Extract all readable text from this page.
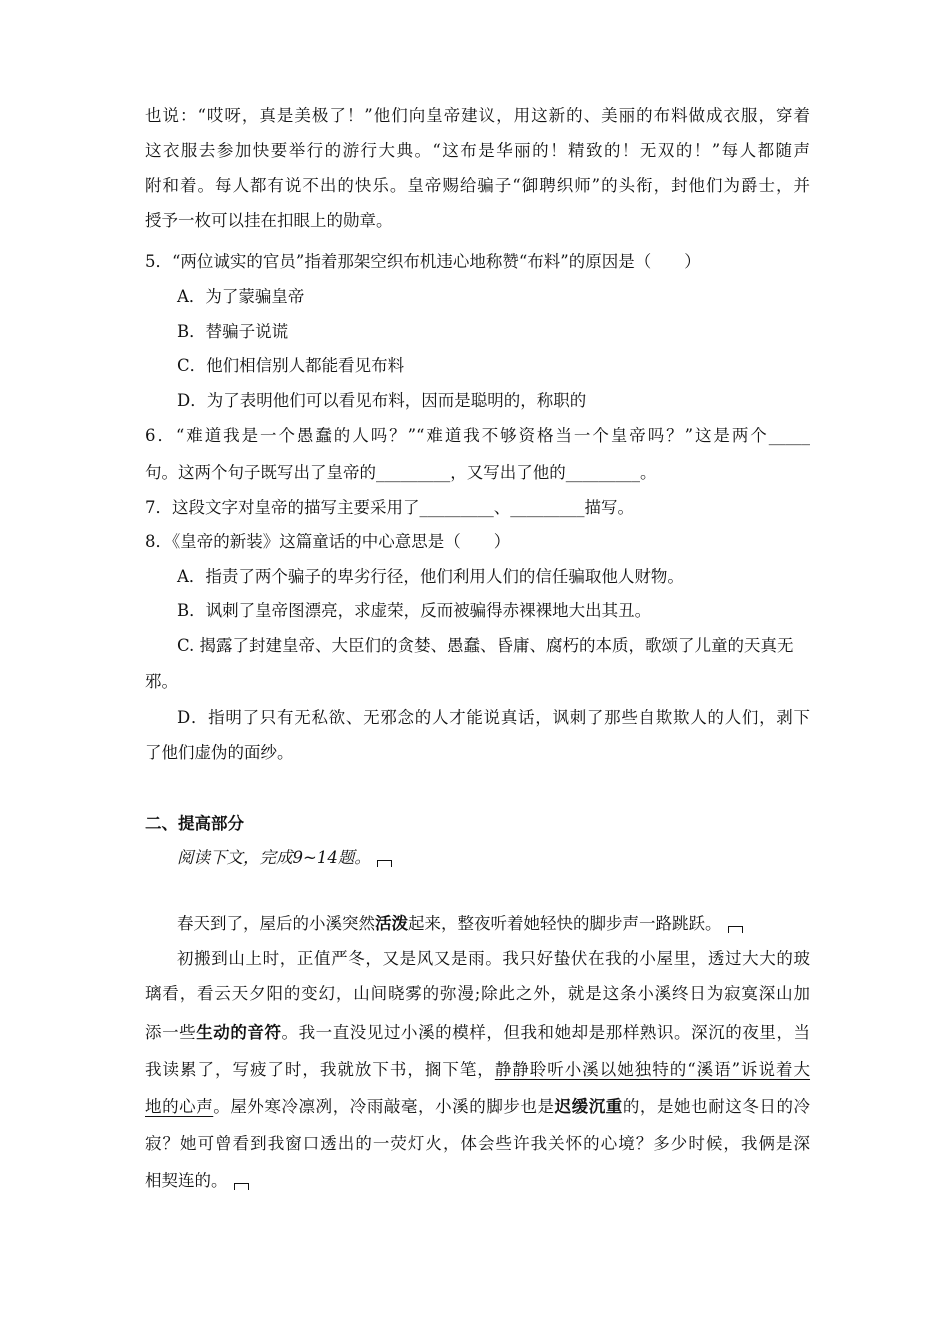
也说：“哎呀，真是美极了！”他们向皇帝建议，用这新的、美丽的布料做成衣服，穿着
这衣服去参加快要举行的游行大典。“这布是华丽的！精致的！无双的！”每人都随声
附和着。每人都有说不出的快乐。皇帝赐给骗子“御聘织师”的头衔，封他们为爵士，并
授予一枚可以挂在扣眼上的勋章。
5．“两位诚实的官员”指着那架空织布机违心地称赞“布料”的原因是（　　）
A．为了蒙骗皇帝
B．替骗子说谎
C．他们相信别人都能看见布料
D．为了表明他们可以看见布料，因而是聪明的，称职的
6．“难道我是一个愚蠢的人吗？”“难道我不够资格当一个皇帝吗？”这是两个_____
句。这两个句子既写出了皇帝的_________，又写出了他的_________。
7．这段文字对皇帝的描写主要采用了_________、_________描写。
8．《皇帝的新装》这篇童话的中心意思是（　　）
A．指责了两个骗子的卑劣行径，他们利用人们的信任骗取他人财物。
B．讽刺了皇帝图漂亮，求虚荣，反而被骗得赤裸裸地大出其丑。
C. 揭露了封建皇帝、大臣们的贪婪、愚蠢、昏庸、腐朽的本质，歌颂了儿童的天真无
邪。
D．指明了只有无私欲、无邪念的人才能说真话，讽刺了那些自欺欺人的人们，剥下
了他们虚伪的面纱。
二、提高部分
阅读下文，完成9~14题。
春天到了，屋后的小溪突然活泼起来，整夜听着她轻快的脚步声一路跳跃。
初搬到山上时，正值严冬，又是风又是雨。我只好蛰伏在我的小屋里，透过大大的玻
璃看，看云天夕阳的变幻，山间晓雾的弥漫;除此之外，就是这条小溪终日为寂寞深山加
添一些生动的音符。我一直没见过小溪的模样，但我和她却是那样熟识。深沉的夜里，当
我读累了，写疲了时，我就放下书，搁下笔，静静聆听小溪以她独特的“溪语”诉说着大
地的心声。屋外寒冷凛冽，冷雨敲毫，小溪的脚步也是迟缓沉重的，是她也耐这冬日的冷
寂？她可曾看到我窗口透出的一荧灯火，体会些许我关怀的心境？多少时候，我俩是深
相契连的。
